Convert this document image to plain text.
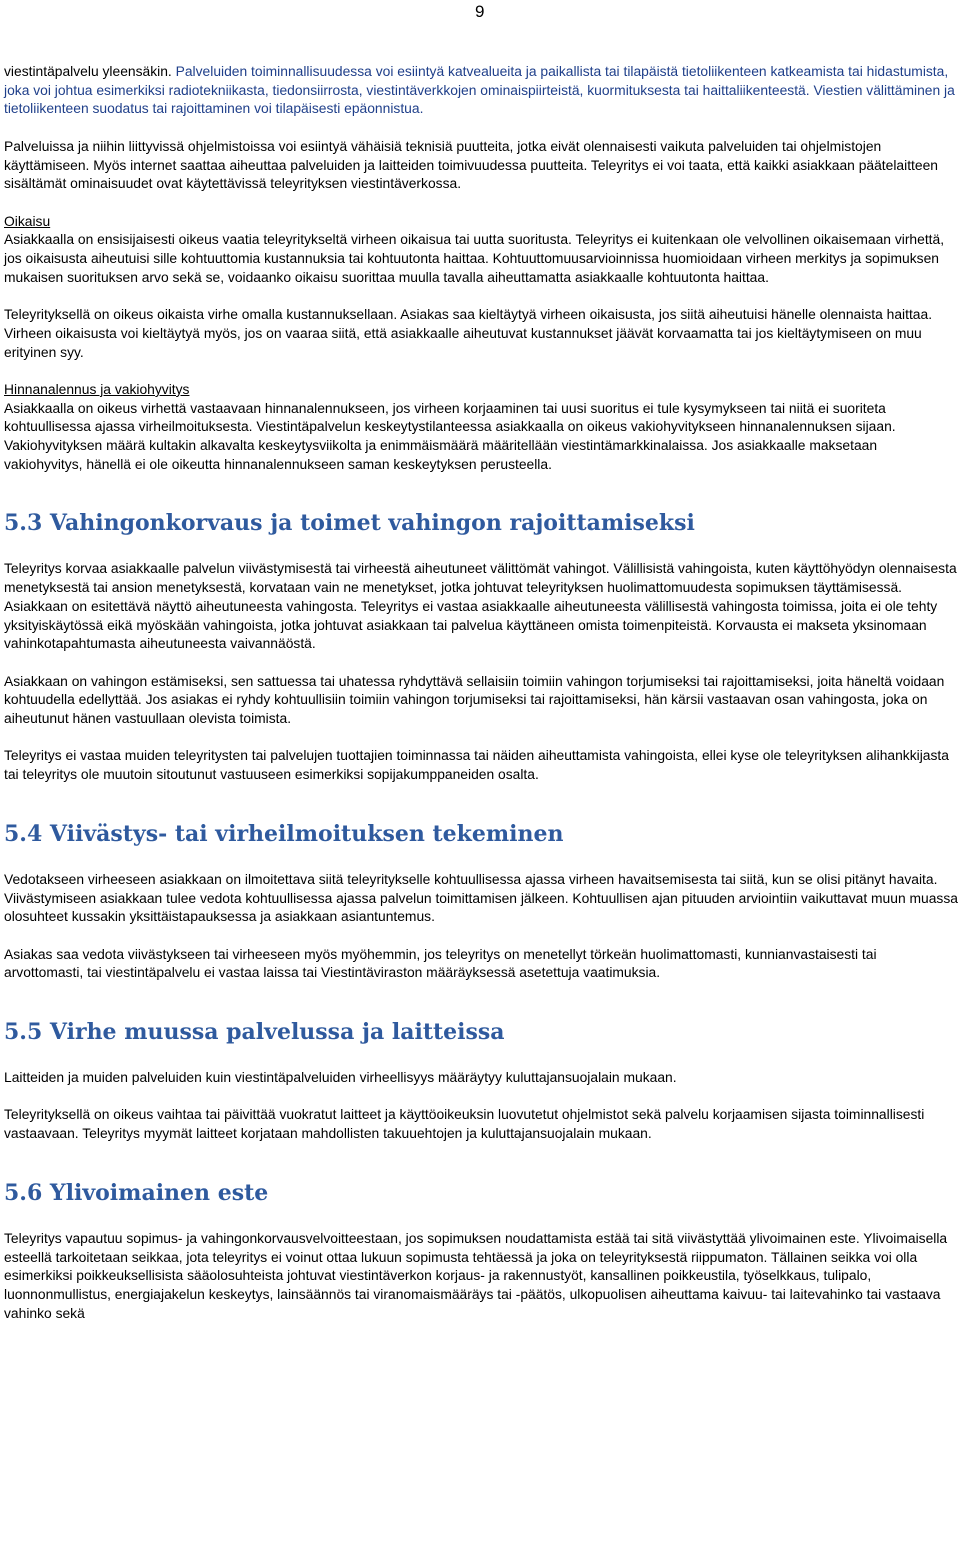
9

viestintäpalvelu yleensäkin. Palveluiden toiminnallisuudessa voi esiintyä katvealueita ja paikallista tai tilapäistä tietoliikenteen katkeamista tai hidastumista, joka voi johtua esimerkiksi radiotekniikasta, tiedonsiirrosta, viestintäverkkojen ominaispiirteistä, kuormituksesta tai haittaliikenteestä. Viestien välittäminen ja tietoliikenteen suodatus tai rajoittaminen voi tilapäisesti epäonnistua.

Palveluissa ja niihin liittyvissä ohjelmistoissa voi esiintyä vähäisiä teknisiä puutteita, jotka eivät olennaisesti vaikuta palveluiden tai ohjelmistojen käyttämiseen. Myös internet saattaa aiheuttaa palveluiden ja laitteiden toimivuudessa puutteita. Teleyritys ei voi taata, että kaikki asiakkaan päätelaitteen sisältämät ominaisuudet ovat käytettävissä teleyrityksen viestintäverkossa.

Oikaisu

Asiakkaalla on ensisijaisesti oikeus vaatia teleyritykseltä virheen oikaisua tai uutta suoritusta. Teleyritys ei kuitenkaan ole velvollinen oikaisemaan virhettä, jos oikaisusta aiheutuisi sille kohtuuttomia kustannuksia tai kohtuutonta haittaa. Kohtuuttomuusarvioinnissa huomioidaan virheen merkitys ja sopimuksen mukaisen suorituksen arvo sekä se, voidaanko oikaisu suorittaa muulla tavalla aiheuttamatta asiakkaalle kohtuutonta haittaa.

Teleyrityksellä on oikeus oikaista virhe omalla kustannuksellaan. Asiakas saa kieltäytyä virheen oikaisusta, jos siitä aiheutuisi hänelle olennaista haittaa. Virheen oikaisusta voi kieltäytyä myös, jos on vaaraa siitä, että asiakkaalle aiheutuvat kustannukset jäävät korvaamatta tai jos kieltäytymiseen on muu erityinen syy.

Hinnanalennus ja vakiohyvitys

Asiakkaalla on oikeus virhettä vastaavaan hinnanalennukseen, jos virheen korjaaminen tai uusi suoritus ei tule kysymykseen tai niitä ei suoriteta kohtuullisessa ajassa virheilmoituksesta. Viestintäpalvelun keskeytystilanteessa asiakkaalla on oikeus vakiohyvitykseen hinnanalennuksen sijaan. Vakiohyvityksen määrä kultakin alkavalta keskeytysviikolta ja enimmäismäärä määritellään viestintämarkkinalaissa. Jos asiakkaalle maksetaan vakiohyvitys, hänellä ei ole oikeutta hinnanalennukseen saman keskeytyksen perusteella.

5.3 Vahingonkorvaus ja toimet vahingon rajoittamiseksi

Teleyritys korvaa asiakkaalle palvelun viivästymisestä tai virheestä aiheutuneet välittömät vahingot. Välillisistä vahingoista, kuten käyttöhyödyn olennaisesta menetyksestä tai ansion menetyksestä, korvataan vain ne menetykset, jotka johtuvat teleyrityksen huolimattomuudesta sopimuksen täyttämisessä. Asiakkaan on esitettävä näyttö aiheutuneesta vahingosta. Teleyritys ei vastaa asiakkaalle aiheutuneesta välillisestä vahingosta toimissa, joita ei ole tehty yksityiskäytössä eikä myöskään vahingoista, jotka johtuvat asiakkaan tai palvelua käyttäneen omista toimenpiteistä. Korvausta ei makseta yksinomaan vahinkotapahtumasta aiheutuneesta vaivannäöstä.

Asiakkaan on vahingon estämiseksi, sen sattuessa tai uhatessa ryhdyttävä sellaisiin toimiin vahingon torjumiseksi tai rajoittamiseksi, joita häneltä voidaan kohtuudella edellyttää. Jos asiakas ei ryhdy kohtuullisiin toimiin vahingon torjumiseksi tai rajoittamiseksi, hän kärsii vastaavan osan vahingosta, joka on aiheutunut hänen vastuullaan olevista toimista.

Teleyritys ei vastaa muiden teleyritysten tai palvelujen tuottajien toiminnassa tai näiden aiheuttamista vahingoista, ellei kyse ole teleyrityksen alihankkijasta tai teleyritys ole muutoin sitoutunut vastuuseen esimerkiksi sopijakumppaneiden osalta.

5.4 Viivästys- tai virheilmoituksen tekeminen

Vedotakseen virheeseen asiakkaan on ilmoitettava siitä teleyritykselle kohtuullisessa ajassa virheen havaitsemisesta tai siitä, kun se olisi pitänyt havaita. Viivästymiseen asiakkaan tulee vedota kohtuullisessa ajassa palvelun toimittamisen jälkeen. Kohtuullisen ajan pituuden arviointiin vaikuttavat muun muassa olosuhteet kussakin yksittäistapauksessa ja asiakkaan asiantuntemus.

Asiakas saa vedota viivästykseen tai virheeseen myös myöhemmin, jos teleyritys on menetellyt törkeän huolimattomasti, kunnianvastaisesti tai arvottomasti, tai viestintäpalvelu ei vastaa laissa tai Viestintäviraston määräyksessä asetettuja vaatimuksia.

5.5 Virhe muussa palvelussa ja laitteissa

Laitteiden ja muiden palveluiden kuin viestintäpalveluiden virheellisyys määräytyy kuluttajansuojalain mukaan.

Teleyrityksellä on oikeus vaihtaa tai päivittää vuokratut laitteet ja käyttöoikeuksin luovutetut ohjelmistot sekä palvelu korjaamisen sijasta toiminnallisesti vastaavaan. Teleyritys myymät laitteet korjataan mahdollisten takuuehtojen ja kuluttajansuojalain mukaan.

5.6 Ylivoimainen este

Teleyritys vapautuu sopimus- ja vahingonkorvausvelvoitteestaan, jos sopimuksen noudattamista estää tai sitä viivästyttää ylivoimainen este. Ylivoimaisella esteellä tarkoitetaan seikkaa, jota teleyritys ei voinut ottaa lukuun sopimusta tehtäessä ja joka on teleyrityksestä riippumaton. Tällainen seikka voi olla esimerkiksi poikkeuksellisista sääolosuhteista johtuvat viestintäverkon korjaus- ja rakennustyöt, kansallinen poikkeustila, työselkkaus, tulipalo, luonnonmullistus, energiajakelun keskeytys, lainsäännös tai viranomaismääräys tai -päätös, ulkopuolisen aiheuttama kaivuu- tai laitevahinko tai vastaava vahinko sekä
